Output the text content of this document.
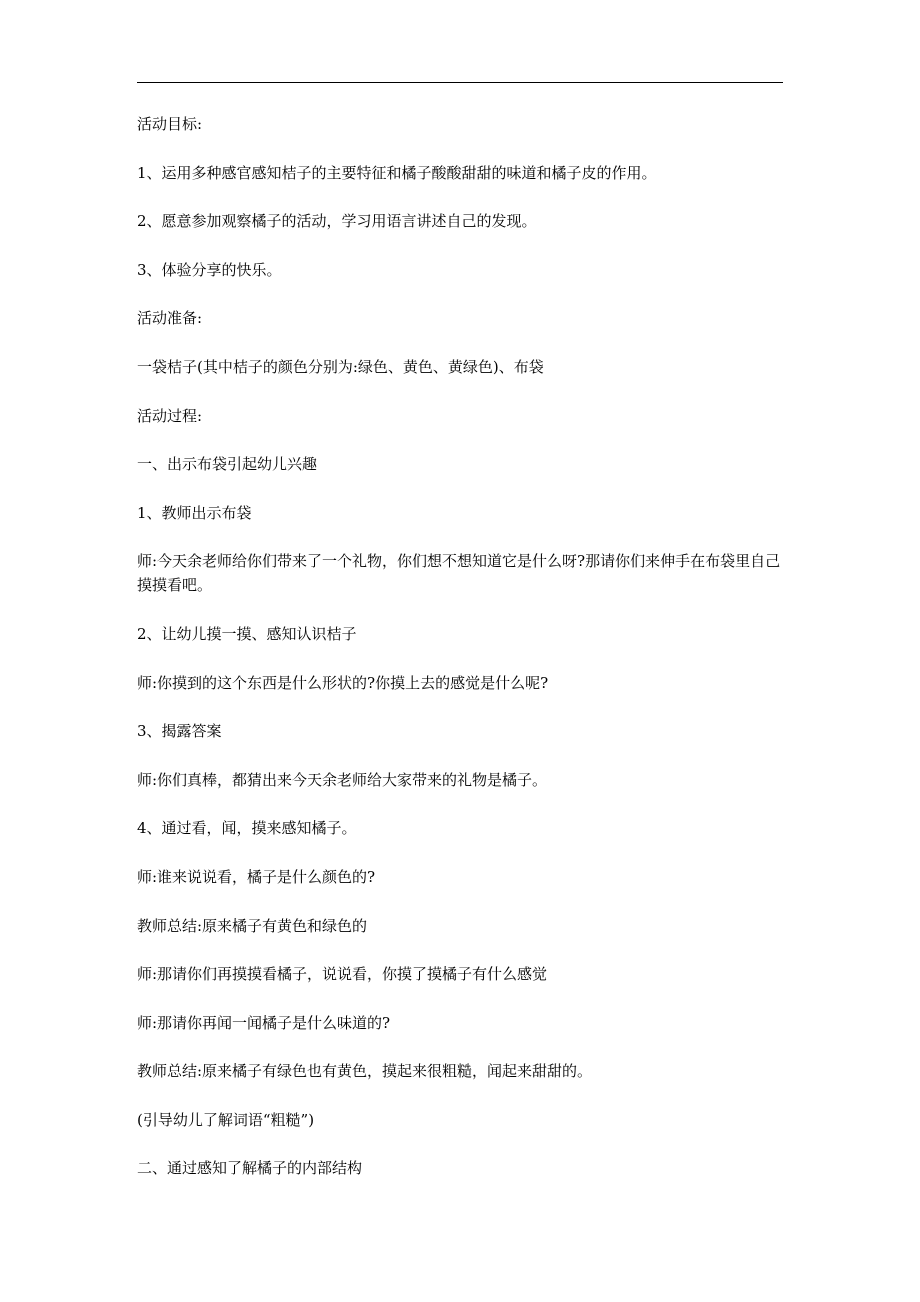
活动目标:

1、运用多种感官感知桔子的主要特征和橘子酸酸甜甜的味道和橘子皮的作用。

2、愿意参加观察橘子的活动，学习用语言讲述自己的发现。

3、体验分享的快乐。

活动准备:

一袋桔子(其中桔子的颜色分别为:绿色、黄色、黄绿色)、布袋

活动过程:

一、出示布袋引起幼儿兴趣

1、教师出示布袋

师:今天余老师给你们带来了一个礼物，你们想不想知道它是什么呀?那请你们来伸手在布袋里自己摸摸看吧。

2、让幼儿摸一摸、感知认识桔子

师:你摸到的这个东西是什么形状的?你摸上去的感觉是什么呢?

3、揭露答案

师:你们真棒，都猜出来今天余老师给大家带来的礼物是橘子。

4、通过看，闻，摸来感知橘子。

师:谁来说说看，橘子是什么颜色的?

教师总结:原来橘子有黄色和绿色的

师:那请你们再摸摸看橘子，说说看，你摸了摸橘子有什么感觉

师:那请你再闻一闻橘子是什么味道的?

教师总结:原来橘子有绿色也有黄色，摸起来很粗糙，闻起来甜甜的。

(引导幼儿了解词语“粗糙”)

二、通过感知了解橘子的内部结构
